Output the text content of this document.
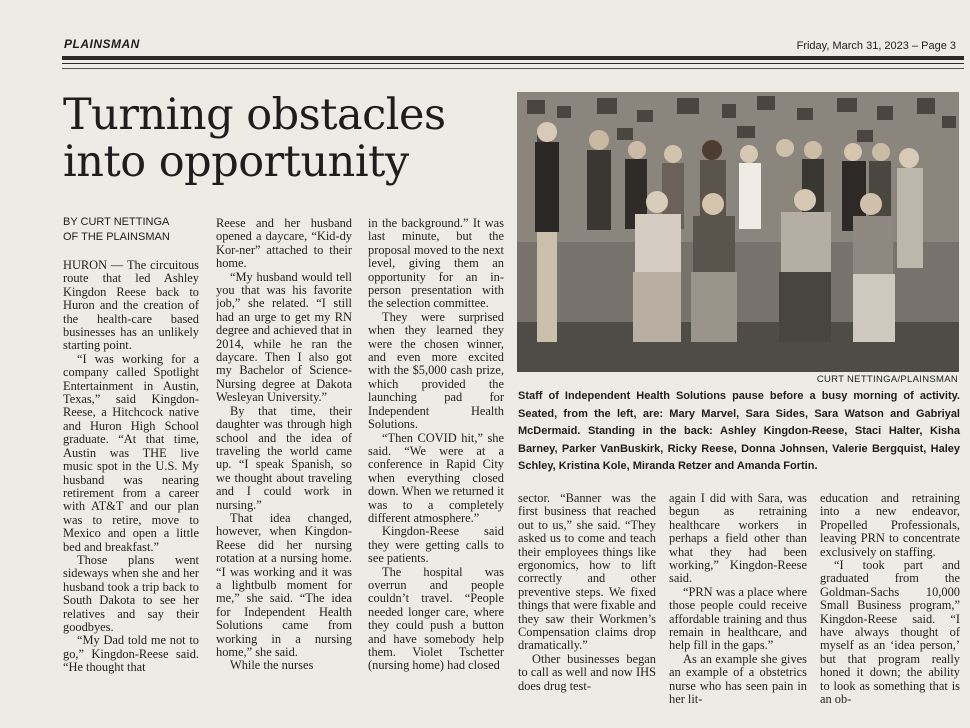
PLAINSMAN	Friday, March 31, 2023 – Page 3
Turning obstacles
into opportunity
BY CURT NETTINGA
OF THE PLAINSMAN

HURON — The circuitous route that led Ashley Kingdon Reese back to Huron and the creation of the health-care based businesses has an unlikely starting point.

“I was working for a company called Spotlight Entertainment in Austin, Texas,” said Kingdon-Reese, a Hitchcock native and Huron High School graduate. “At that time, Austin was THE live music spot in the U.S. My husband was nearing retirement from a career with AT&T and our plan was to retire, move to Mexico and open a little bed and breakfast.”

Those plans went sideways when she and her husband took a trip back to South Dakota to see her relatives and say their goodbyes.

“My Dad told me not to go,” Kingdon-Reese said. “He thought that

Reese and her husband opened a daycare, “Kid-dy Kor-ner” attached to their home.

“My husband would tell you that was his favorite job,” she related. “I still had an urge to get my RN degree and achieved that in 2014, while he ran the daycare. Then I also got my Bachelor of Science-Nursing degree at Dakota Wesleyan University.”

By that time, their daughter was through high school and the idea of traveling the world came up. “I speak Spanish, so we thought about traveling and I could work in nursing.”

That idea changed, however, when Kingdon-Reese did her nursing rotation at a nursing home. “I was working and it was a lightbulb moment for me,” she said. “The idea for Independent Health Solutions came from working in a nursing home,” she said.

While the nurses

in the background.” It was last minute, but the proposal moved to the next level, giving them an opportunity for an in-person presentation with the selection committee.

They were surprised when they learned they were the chosen winner, and even more excited with the $5,000 cash prize, which provided the launching pad for Independent Health Solutions.

“Then COVID hit,” she said. “We were at a conference in Rapid City when everything closed down. When we returned it was to a completely different atmosphere.”

Kingdon-Reese said they were getting calls to see patients.

The hospital was overrun and people couldn’t travel. “People needed longer care, where they could push a button and have somebody help them. Violet Tschetter (nursing home) had closed

CURT NETTINGA/PLAINSMAN

Staff of Independent Health Solutions pause before a busy morning of activity. Seated, from the left, are: Mary Marvel, Sara Sides, Sara Watson and Gabriyal McDermaid. Standing in the back: Ashley Kingdon-Reese, Staci Halter, Kisha Barney, Parker VanBuskirk, Ricky Reese, Donna Johnsen, Valerie Bergquist, Haley Schley, Kristina Kole, Miranda Retzer and Amanda Fortin.

sector. “Banner was the first business that reached out to us,” she said. “They asked us to come and teach their employees things like ergonomics, how to lift correctly and other preventive steps. We fixed things that were fixable and they saw their Workmen’s Compensation claims drop dramatically.”

Other businesses began to call as well and now IHS does drug test-

again I did with Sara, was begun as retraining healthcare workers in perhaps a field other than what they had been working,” Kingdon-Reese said.

“PRN was a place where those people could receive affordable training and thus remain in healthcare, and help fill in the gaps.”

As an example she gives an example of a obstetrics nurse who has seen pain in her lit-

education and retraining into a new endeavor, Propelled Professionals, leaving PRN to concentrate exclusively on staffing.

“I took part and graduated from the Goldman-Sachs 10,000 Small Business program,” Kingdon-Reese said. “I have always thought of myself as an ‘idea person,’ but that program really honed it down; the ability to look as something that is an ob-
